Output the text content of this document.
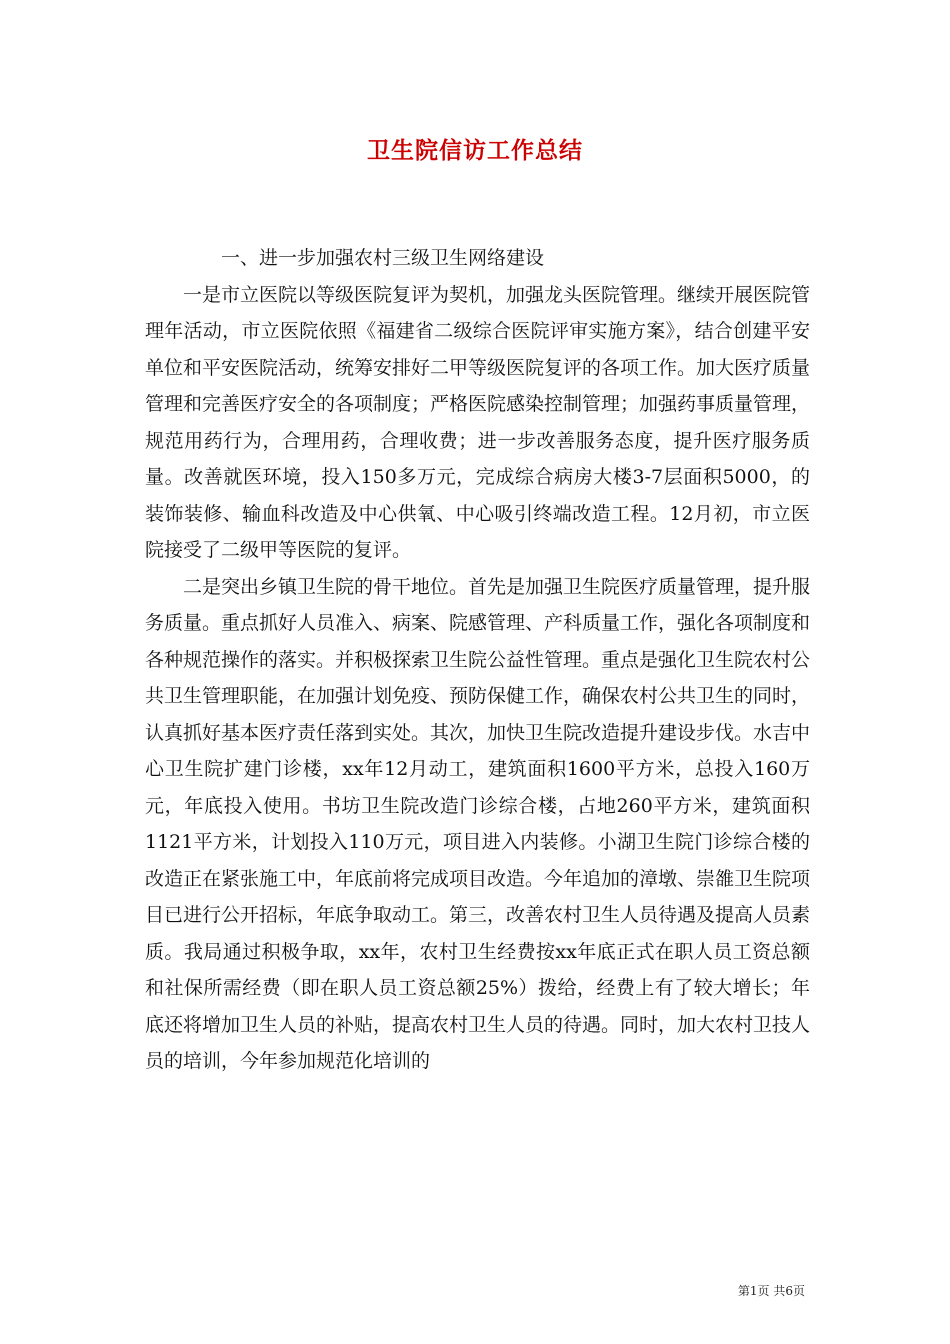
卫生院信访工作总结

一、进一步加强农村三级卫生网络建设

一是市立医院以等级医院复评为契机，加强龙头医院管理。继续开展医院管理年活动，市立医院依照《福建省二级综合医院评审实施方案》，结合创建平安单位和平安医院活动，统筹安排好二甲等级医院复评的各项工作。加大医疗质量管理和完善医疗安全的各项制度；严格医院感染控制管理；加强药事质量管理，规范用药行为，合理用药，合理收费；进一步改善服务态度，提升医疗服务质量。改善就医环境，投入150多万元，完成综合病房大楼3-7层面积5000，的装饰装修、输血科改造及中心供氧、中心吸引终端改造工程。12月初，市立医院接受了二级甲等医院的复评。

二是突出乡镇卫生院的骨干地位。首先是加强卫生院医疗质量管理，提升服务质量。重点抓好人员准入、病案、院感管理、产科质量工作，强化各项制度和各种规范操作的落实。并积极探索卫生院公益性管理。重点是强化卫生院农村公共卫生管理职能，在加强计划免疫、预防保健工作，确保农村公共卫生的同时，认真抓好基本医疗责任落到实处。其次，加快卫生院改造提升建设步伐。水吉中心卫生院扩建门诊楼，xx年12月动工，建筑面积1600平方米，总投入160万元，年底投入使用。书坊卫生院改造门诊综合楼，占地260平方米，建筑面积1121平方米，计划投入110万元，项目进入内装修。小湖卫生院门诊综合楼的改造正在紧张施工中，年底前将完成项目改造。今年追加的漳墩、崇雒卫生院项目已进行公开招标，年底争取动工。第三，改善农村卫生人员待遇及提高人员素质。我局通过积极争取，xx年，农村卫生经费按xx年底正式在职人员工资总额和社保所需经费（即在职人员工资总额25%）拨给，经费上有了较大增长；年底还将增加卫生人员的补贴，提高农村卫生人员的待遇。同时，加大农村卫技人员的培训，今年参加规范化培训的

第1页 共6页
